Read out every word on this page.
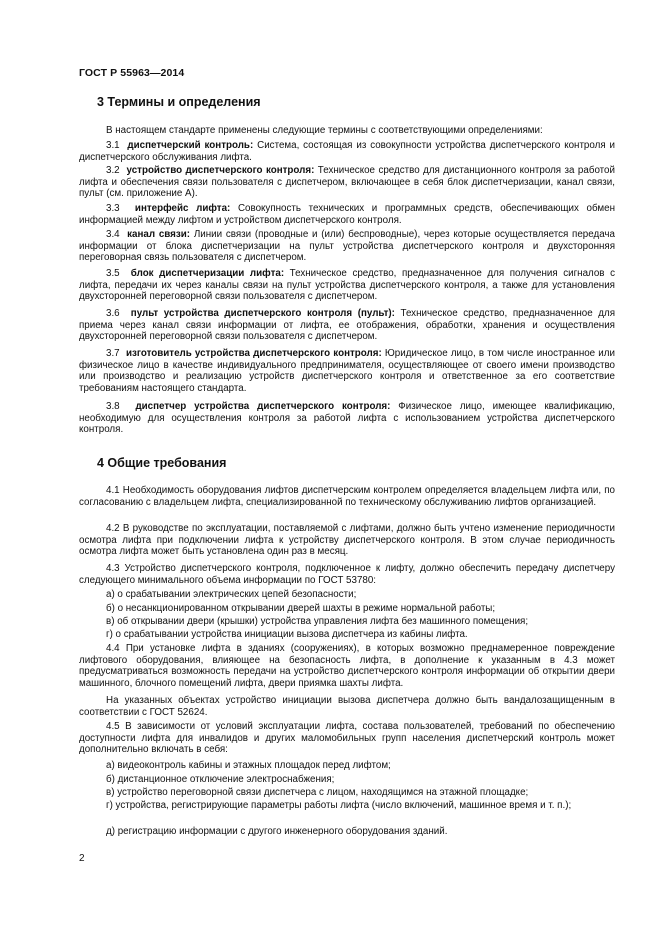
ГОСТ Р 55963—2014
3 Термины и определения

В настоящем стандарте применены следующие термины с соответствующими определениями:

3.1 диспетчерский контроль: Система, состоящая из совокупности устройства диспетчерского контроля и диспетчерского обслуживания лифта.

3.2 устройство диспетчерского контроля: Техническое средство для дистанционного контроля за работой лифта и обеспечения связи пользователя с диспетчером, включающее в себя блок диспетчеризации, канал связи, пульт (см. приложение А).

3.3 интерфейс лифта: Совокупность технических и программных средств, обеспечивающих обмен информацией между лифтом и устройством диспетчерского контроля.

3.4 канал связи: Линии связи (проводные и (или) беспроводные), через которые осуществляется передача информации от блока диспетчеризации на пульт устройства диспетчерского контроля и двухсторонняя переговорная связь пользователя с диспетчером.

3.5 блок диспетчеризации лифта: Техническое средство, предназначенное для получения сигналов с лифта, передачи их через каналы связи на пульт устройства диспетчерского контроля, а также для установления двухсторонней переговорной связи пользователя с диспетчером.

3.6 пульт устройства диспетчерского контроля (пульт): Техническое средство, предназначенное для приема через канал связи информации от лифта, ее отображения, обработки, хранения и осуществления двухсторонней переговорной связи пользователя с диспетчером.

3.7 изготовитель устройства диспетчерского контроля: Юридическое лицо, в том числе иностранное или физическое лицо в качестве индивидуального предпринимателя, осуществляющее от своего имени производство или производство и реализацию устройств диспетчерского контроля и ответственное за его соответствие требованиям настоящего стандарта.

3.8 диспетчер устройства диспетчерского контроля: Физическое лицо, имеющее квалификацию, необходимую для осуществления контроля за работой лифта с использованием устройства диспетчерского контроля.

4 Общие требования

4.1 Необходимость оборудования лифтов диспетчерским контролем определяется владельцем лифта или, по согласованию с владельцем лифта, специализированной по техническому обслуживанию лифтов организацией.

4.2 В руководстве по эксплуатации, поставляемой с лифтами, должно быть учтено изменение периодичности осмотра лифта при подключении лифта к устройству диспетчерского контроля. В этом случае периодичность осмотра лифта может быть установлена один раз в месяц.

4.3 Устройство диспетчерского контроля, подключенное к лифту, должно обеспечить передачу диспетчеру следующего минимального объема информации по ГОСТ 53780:

а) о срабатывании электрических цепей безопасности;

б) о несанкционированном открывании дверей шахты в режиме нормальной работы;

в) об открывании двери (крышки) устройства управления лифта без машинного помещения;

г) о срабатывании устройства инициации вызова диспетчера из кабины лифта.

4.4 При установке лифта в зданиях (сооружениях), в которых возможно преднамеренное повреждение лифтового оборудования, влияющее на безопасность лифта, в дополнение к указанным в 4.3 может предусматриваться возможность передачи на устройство диспетчерского контроля информации об открытии двери машинного, блочного помещений лифта, двери приямка шахты лифта.

На указанных объектах устройство инициации вызова диспетчера должно быть вандалозащищенным в соответствии с ГОСТ 52624.

4.5 В зависимости от условий эксплуатации лифта, состава пользователей, требований по обеспечению доступности лифта для инвалидов и других маломобильных групп населения диспетчерский контроль может дополнительно включать в себя:

а) видеоконтроль кабины и этажных площадок перед лифтом;

б) дистанционное отключение электроснабжения;

в) устройство переговорной связи диспетчера с лицом, находящимся на этажной площадке;

г) устройства, регистрирующие параметры работы лифта (число включений, машинное время и т. п.);

д) регистрацию информации с другого инженерного оборудования зданий.

2
